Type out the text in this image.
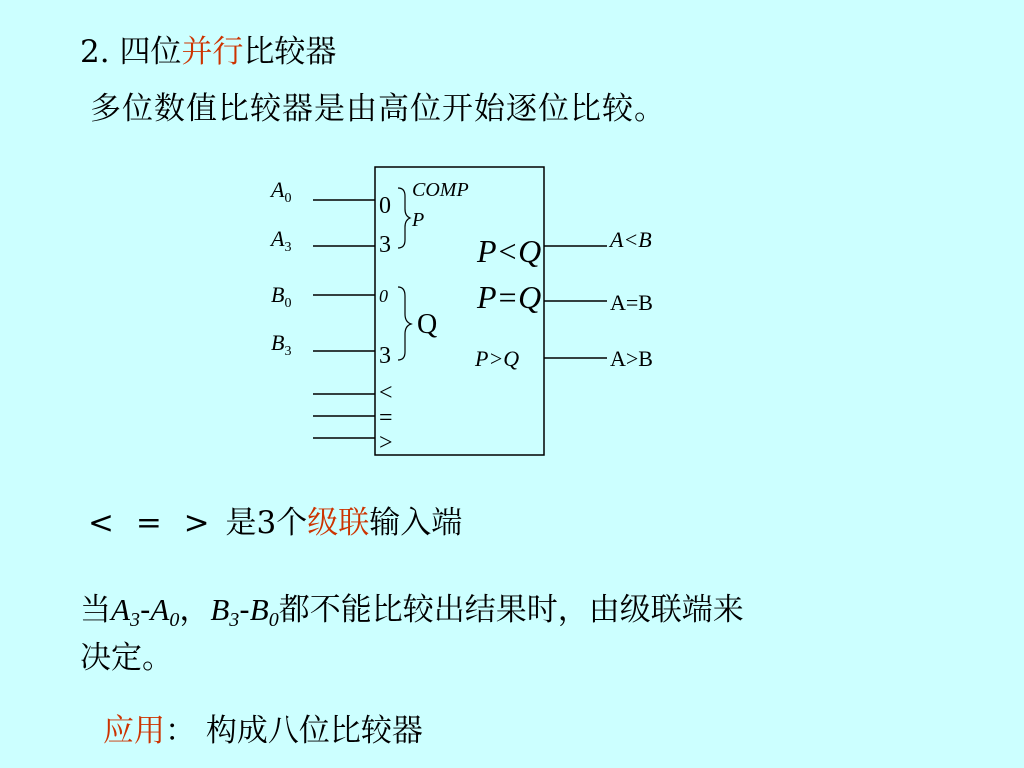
2. 四位并行比较器
多位数值比较器是由高位开始逐位比较。
$A_0$
$A_3$
$B_0$
$B_3$
COMP
P
0
3
0
3
Q
<
=
>
P<Q
P=Q
P>Q
A<B
A=B
A>B
< = > 是3个级联输入端
当$A_3-A_0$，$B_3-B_0$都不能比较出结果时，由级联端来
决定。
应用： 构成八位比较器
